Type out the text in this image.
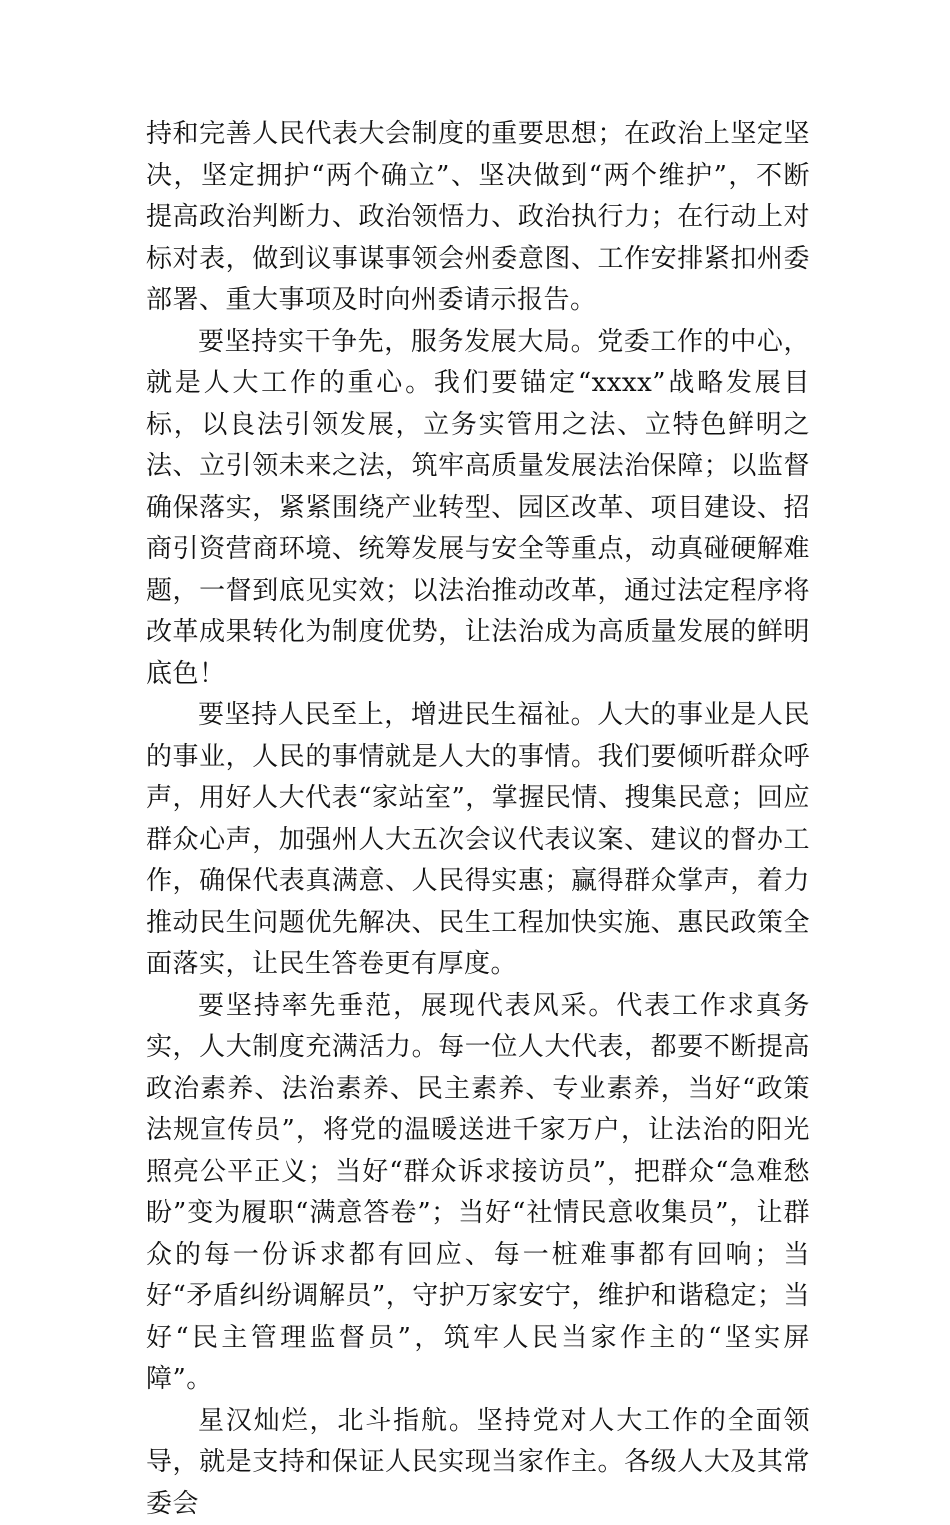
持和完善人民代表大会制度的重要思想；在政治上坚定坚决，坚定拥护“两个确立”、坚决做到“两个维护”，不断提高政治判断力、政治领悟力、政治执行力；在行动上对标对表，做到议事谋事领会州委意图、工作安排紧扣州委部署、重大事项及时向州委请示报告。

要坚持实干争先，服务发展大局。党委工作的中心，就是人大工作的重心。我们要锚定“xxxx”战略发展目标，以良法引领发展，立务实管用之法、立特色鲜明之法、立引领未来之法，筑牢高质量发展法治保障；以监督确保落实，紧紧围绕产业转型、园区改革、项目建设、招商引资营商环境、统筹发展与安全等重点，动真碰硬解难题，一督到底见实效；以法治推动改革，通过法定程序将改革成果转化为制度优势，让法治成为高质量发展的鲜明底色！

要坚持人民至上，增进民生福祉。人大的事业是人民的事业，人民的事情就是人大的事情。我们要倾听群众呼声，用好人大代表“家站室”，掌握民情、搜集民意；回应群众心声，加强州人大五次会议代表议案、建议的督办工作，确保代表真满意、人民得实惠；赢得群众掌声，着力推动民生问题优先解决、民生工程加快实施、惠民政策全面落实，让民生答卷更有厚度。

要坚持率先垂范，展现代表风采。代表工作求真务实，人大制度充满活力。每一位人大代表，都要不断提高政治素养、法治素养、民主素养、专业素养，当好“政策法规宣传员”，将党的温暖送进千家万户，让法治的阳光照亮公平正义；当好“群众诉求接访员”，把群众“急难愁盼”变为履职“满意答卷”；当好“社情民意收集员”，让群众的每一份诉求都有回应、每一桩难事都有回响；当好“矛盾纠纷调解员”，守护万家安宁，维护和谐稳定；当好“民主管理监督员”，筑牢人民当家作主的“坚实屏障”。

星汉灿烂，北斗指航。坚持党对人大工作的全面领导，就是支持和保证人民实现当家作主。各级人大及其常委会
